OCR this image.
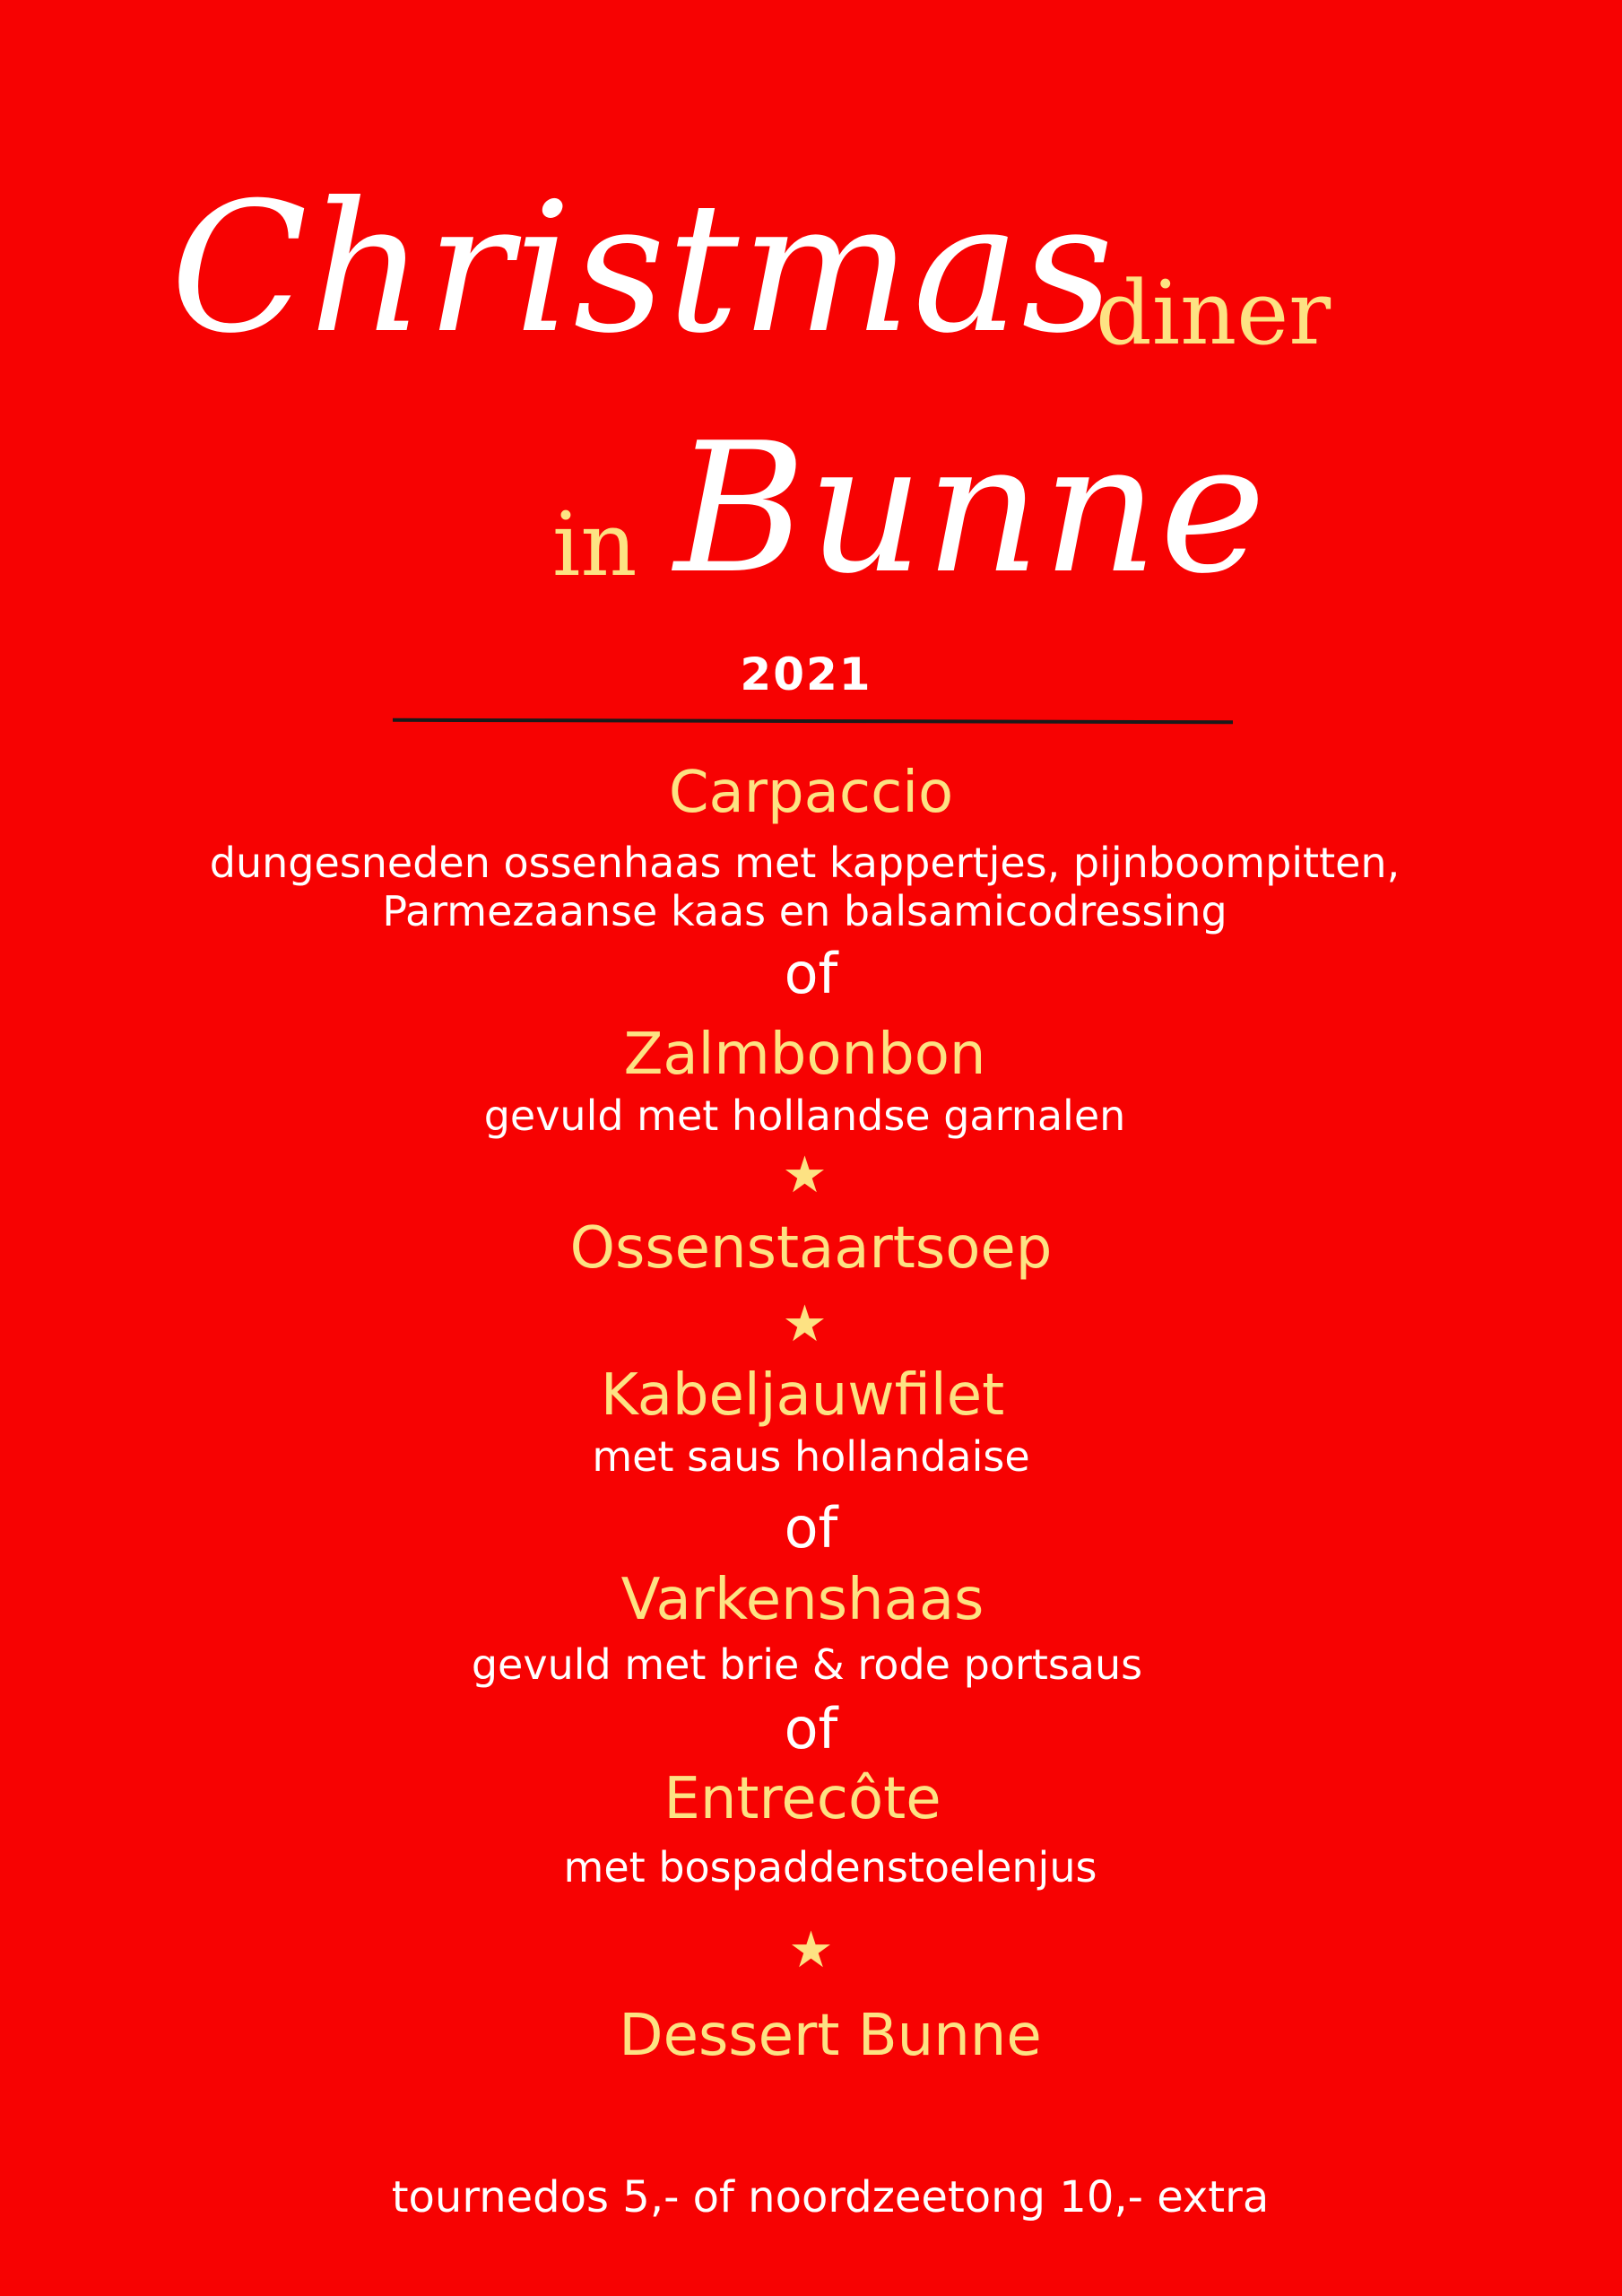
Christmas
diner
in Bunne
2021
Carpaccio
dungesneden ossenhaas met kappertjes, pijnboompitten,
Parmezaanse kaas en balsamicodressing
of
Zalmbonbon
gevuld met hollandse garnalen
★
Ossenstaartsoep
★
Kabeljauwfilet
met saus hollandaise
of
Varkenshaas
gevuld met brie & rode portsaus
of
Entrecôte
met bospaddenstoelenjus
★
Dessert Bunne
tournedos 5,- of noordzeetong 10,- extra
